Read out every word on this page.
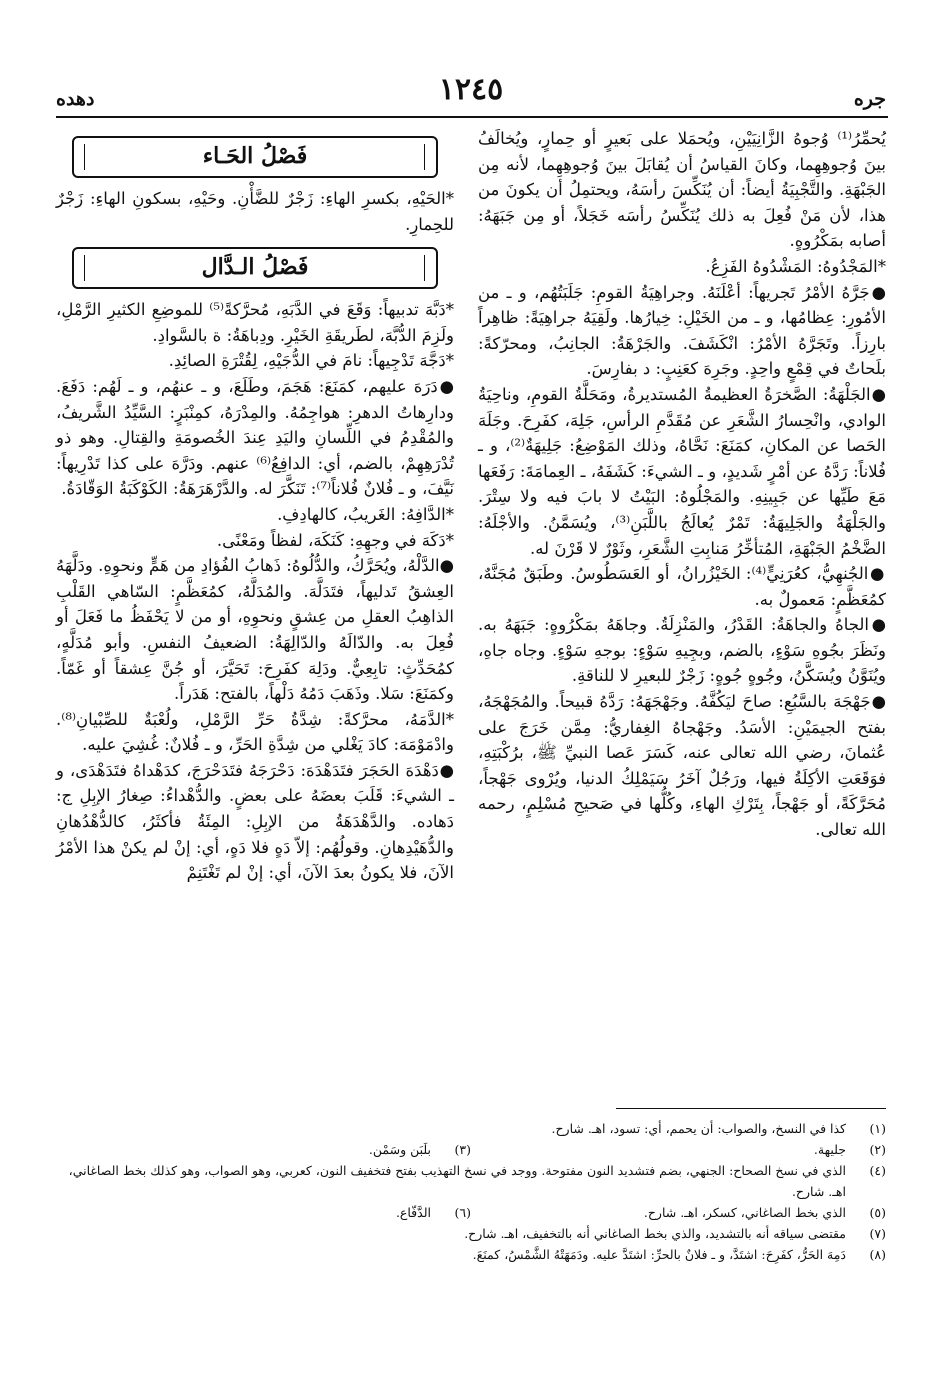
جره
١٢٤٥
دهده

يُحمِّرُ⁽¹⁾ وُجوهُ الزَّانِيَيْنِ، ويُحمَلا على بَعيرٍ أو حِمارٍ، ويُخالَفُ بينَ وُجوهِهِما، وكانَ القياسُ أن يُقابَلَ بينَ وُجوهِهِما، لأنه مِن الجَبْهَةِ. والتَّجْبِيَةُ أيضاً: أن يُنَكِّسَ رأسَهُ، ويحتمِلُ أن يكونَ من هذا، لأن مَنْ فُعِلَ به ذلك يُنَكِّسُ رأسَه خَجَلاً، أو مِن جَبَهَهُ: أصابه بمَكْرُوهٍ.

*المَجْدُوهُ: المَشْدُوهُ الفَزِعُ.

●جَرَّهُ الأمْرُ تَجريهاً: أعْلَنَهُ. وجراهِيَةُ القومِ: جَلَبَتُهُم، و ـ من الأمُورِ: عِظامُها، و ـ من الخَيْلِ: خِيارُها. ولَقِيَهُ جراهِيَةً: ظاهِراً بارِزاً. وتَجَرَّهُ الأمْرُ: انْكَشَفَ. والجَرْهَةُ: الجانِبُ، ومحرّكةً: بلَحاتٌ في قِمْعٍ واحِدٍ. وجَرِهَ كعَنِبٍ: د بفارِسَ.

●الجَلْهَةُ: الصَّخرَةُ العظيمةُ المُستديرةُ، ومَحَلَّةُ القومِ، وناحِيَةُ الوادي، وانْحِسارُ الشَّعَرِ عن مُقَدَّمِ الرأسِ، جَلِهَ، كفَرِحَ. وجَلَهَ الحَصا عن المكانِ، كمَنَعَ: نَحَّاهُ، وذلك المَوْضِعُ: جَلِيهَةٌ⁽²⁾، و ـ فُلاناً: رَدَّهُ عن أمْرٍ شَديدٍ، و ـ الشيءَ: كَشَفَهُ، ـ العِمامَةَ: رَفَعَها مَعَ طَيِّها عن جَبِينِهِ. والمَجْلُوهُ: البَيْتُ لا بابَ فيه ولا سِتْرَ. والجَلْهَةُ والجَلِيهَةُ: تَمْرٌ يُعالَجُ باللَّبَنِ⁽³⁾، ويُسَمَّنُ. والأجْلَهُ: الضَّخْمُ الجَبْهَةِ، المُتأخِّرُ مَنابِتِ الشَّعَرِ، وثَوْرٌ لا قَرْنَ له.

●الجُنهِيُّ، كعُرَنِيٍّ⁽⁴⁾: الخَيْزُرانُ، أو العَسَطُوسُ. وطَبَقٌ مُجَنَّهٌ، كمُعَظَّمٍ: مَعمولٌ به.

●الجاهُ والجاهَةُ: القَدْرُ، والمَنْزِلَةُ. وجاهَهُ بمَكْرُوهٍ: جَبَهَهُ به. ونَظَرَ بجُوهِ سَوْءٍ، بالضم، وبجِيهِ سَوْءٍ: بوجهِ سَوْءٍ. وجاه جاهِ، ويُنَوَّنُ ويُسَكَّنُ، وجُوهٍ جُوهٍ: زَجْرٌ للبعيرِ لا للناقةِ.

●جَهْجَهَ بالسَّبُعِ: صاحَ ليَكُفَّهُ. وجَهْجَهَهُ: رَدَّهُ قبيحاً. والمُجَهْجَهُ، بفتح الجيمَيْنِ: الأسَدُ. وجَهْجاهُ الغِفاريُّ: مِمَّن خَرَجَ على عُثمانَ، رضي الله تعالى عنه، كَسَرَ عَصا النبيِّ ﷺ، برُكْبَتِهِ، فوَقَعَتِ الأكِلَةُ فيها، ورَجُلٌ آخَرُ سَيَمْلِكُ الدنيا، ويُرْوى جَهْجاً، مُحَرَّكَةً، أو جَهْجاً، بِتَرْكِ الهاءِ، وكُلُّها في صَحيحِ مُسْلِمٍ، رحمه الله تعالى.

فَصْلُ الحَـاء

*الحَيْهِ، بكسرِ الهاءِ: زَجْرٌ للضَّأْنِ. وحَيْهِ، بسكونِ الهاءِ: زَجْرٌ للحِمارِ.

فَصْلُ الـدَّال

*دَبَّهَ تدبيهاً: وَقَعَ في الدَّبَهِ، مُحرَّكةً⁽⁵⁾ للموضِعِ الكثيرِ الرَّمْلِ، ولَزِمَ الدُّبَّهَ، لطَريقَةِ الخَيْرِ. ودِباهَةُ: ة بالسَّوادِ.

*دَجَّهَ تَدْجِيهاً: نامَ في الدُّجَيْهِ، لِقُتْرَةِ الصائِدِ.

●دَرَهَ عليهم، كمَنَعَ: هَجَمَ، وطَلَعَ، و ـ عنهُم، و ـ لَهُم: دَفَعَ. ودارِهاتُ الدهرِ: هواجِمُهُ. والمِدْرَهُ، كمِنْبَرٍ: السَّيِّدُ الشَّريفُ، والمُقْدِمُ في اللِّسانِ واليَدِ عِندَ الخُصومَةِ والقِتالِ. وهو ذو تُدْرَهِهِمْ، بالضم، أي: الدافِعُ⁽⁶⁾ عنهم. ودَرَّهَ على كذا تَدْرِيهاً: نَيَّفَ، و ـ فُلانٌ فُلاناً⁽⁷⁾: تَنَكَّرَ له. والدَّرْهَرَهَةُ: الكَوْكَبَةُ الوَقّادَةُ.

*الدَّافِهُ: الغَريبُ، كالهادِفِ.

*دَكَهَ في وجهِهِ: كَنَكَهَ، لفظاً ومَعْنًى.

●الدَّلْهُ، ويُحَرَّكُ، والدُّلُوهُ: ذَهابُ الفُؤادِ من هَمٍّ ونحوِهِ. ودَلَّهَهُ العِشقُ تَدليهاً، فتَدَلَّهَ. والمُدَلَّهُ، كمُعَظَّمٍ: السّاهي القَلْبِ الذاهِبُ العقلِ من عِشقٍ ونحوِهِ، أو من لا يَحْفَظُ ما فَعَلَ أو فُعِلَ به. والدّالَهُ والدّالِهَةُ: الضعيفُ النفسِ. وأبو مُدَلَّهٍ، كمُحَدِّثٍ: تابِعِيٌّ. ودَلِهَ كفَرِحَ: تَحَيَّرَ، أو جُنَّ عِشقاً أو غَمّاً. وكمَنَعَ: سَلا. وذَهَبَ دَمُهُ دَلْهاً، بالفتح: هَدَراً.

*الدَّمَهُ، محرَّكةً: شِدَّةُ حَرِّ الرَّمْلِ، ولُعْبَةٌ للصِّبْيانِ⁽⁸⁾. وادْمَوْمَهَ: كادَ يَغْلي من شِدَّةِ الحَرِّ، و ـ فُلانٌ: غُشِيَ عليه.

●دَهْدَهَ الحَجَرَ فتَدَهْدَهَ: دَحْرَجَهُ فتَدَحْرَجَ، كدَهْداهُ فتَدَهْدَى، و ـ الشيءَ: قَلَبَ بعضَهُ على بعضٍ. والدُّهْداءُ: صِغارُ الإبِلِ ج: دَهاده. والدَّهْدَهَةُ من الإبِلِ: المِئَةُ فأكثَرُ، كالدُّهْدُهانِ والدُّهَيْدِهانِ. وقولُهُم: إلاّ دَهٍ فلا دَهٍ، أي: إنْ لم يكنْ هذا الأمْرُ الآنَ، فلا يكونُ بعدَ الآنَ، أي: إنْ لم تَغْتَنِمْ

(١)
كذا في النسخ، والصواب: أن يحمم، أي: تسود، اهـ. شارح.
(٢)
جليهة.
(٣)
بلَبَن وسَمْن.
(٤)
الذي في نسخ الصحاح: الجنهي، بضم فتشديد النون مفتوحة. ووجد في نسخ التهذيب بفتح فتخفيف النون، كعربي، وهو الصواب، وهو كذلك بخط الصاغاني، اهـ. شارح.
(٥)
الذي بخط الصاغاني، كسكر، اهـ. شارح.
(٦)
الدَّفّاع.
(٧)
مقتضى سياقه أنه بالتشديد، والذي بخط الصاغاني أنه بالتخفيف، اهـ. شارح.
(٨)
دَمِهَ الحَرُّ، كفَرِحَ: اشتَدَّ، و ـ فلانٌ بالحرِّ: اشتَدَّ عليه. ودَمَهَتْهُ الشَّمْسُ، كمنَعَ.
